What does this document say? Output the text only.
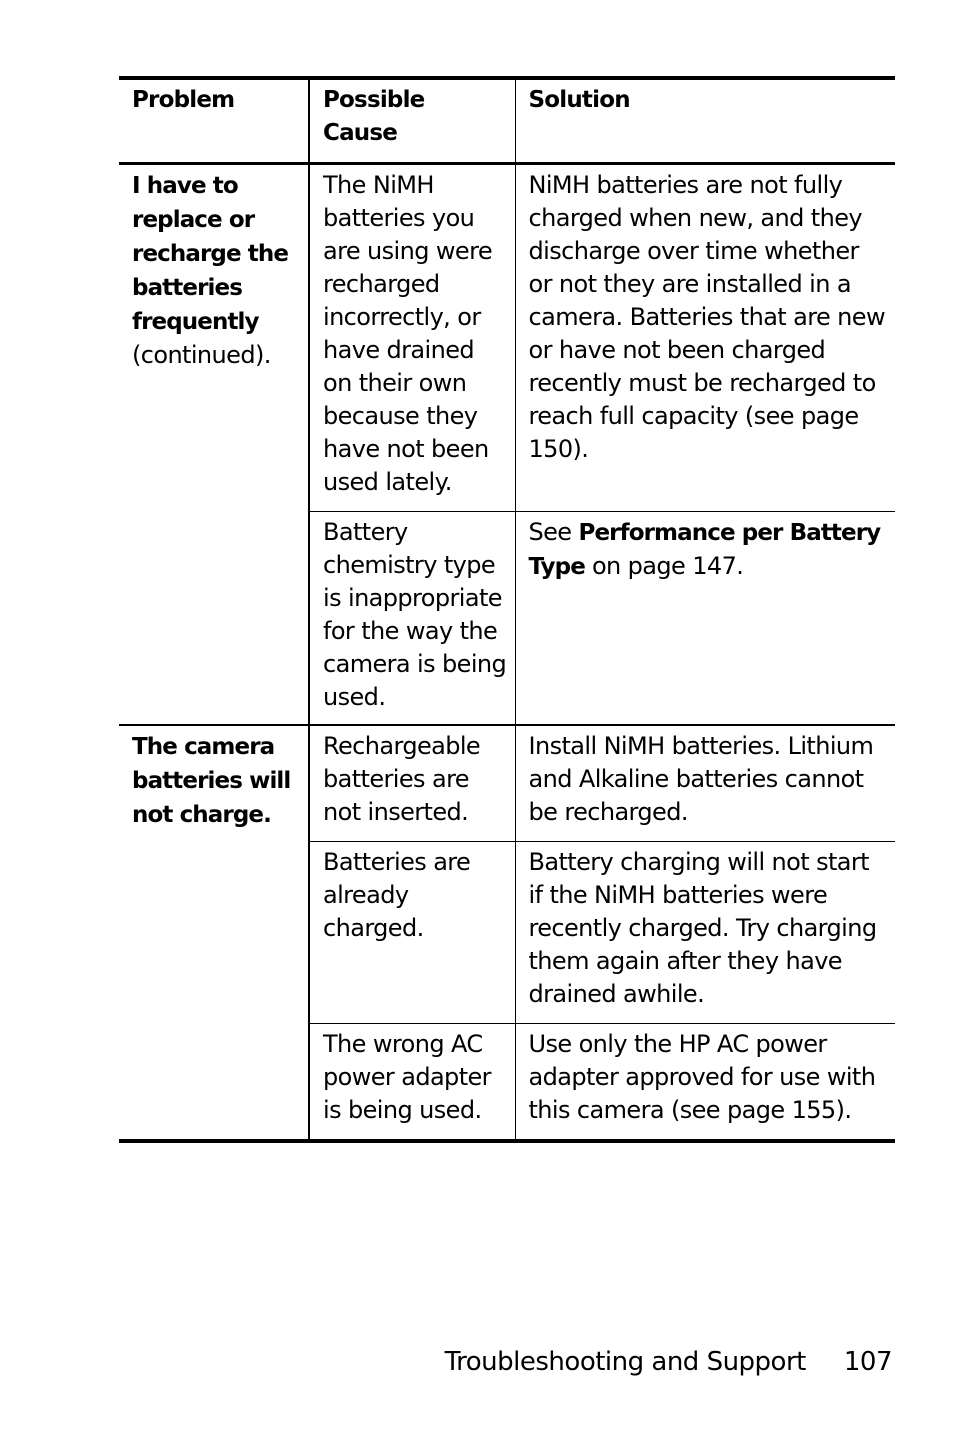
Problem	Possible Cause	Solution
I have to replace or recharge the batteries frequently (continued).	The NiMH batteries you are using were recharged incorrectly, or have drained on their own because they have not been used lately.	NiMH batteries are not fully charged when new, and they discharge over time whether or not they are installed in a camera. Batteries that are new or have not been charged recently must be recharged to reach full capacity (see page 150).
	Battery chemistry type is inappropriate for the way the camera is being used.	See Performance per Battery Type on page 147.
The camera batteries will not charge.	Rechargeable batteries are not inserted.	Install NiMH batteries. Lithium and Alkaline batteries cannot be recharged.
	Batteries are already charged.	Battery charging will not start if the NiMH batteries were recently charged. Try charging them again after they have drained awhile.
	The wrong AC power adapter is being used.	Use only the HP AC power adapter approved for use with this camera (see page 155).
Troubleshooting and Support 107
